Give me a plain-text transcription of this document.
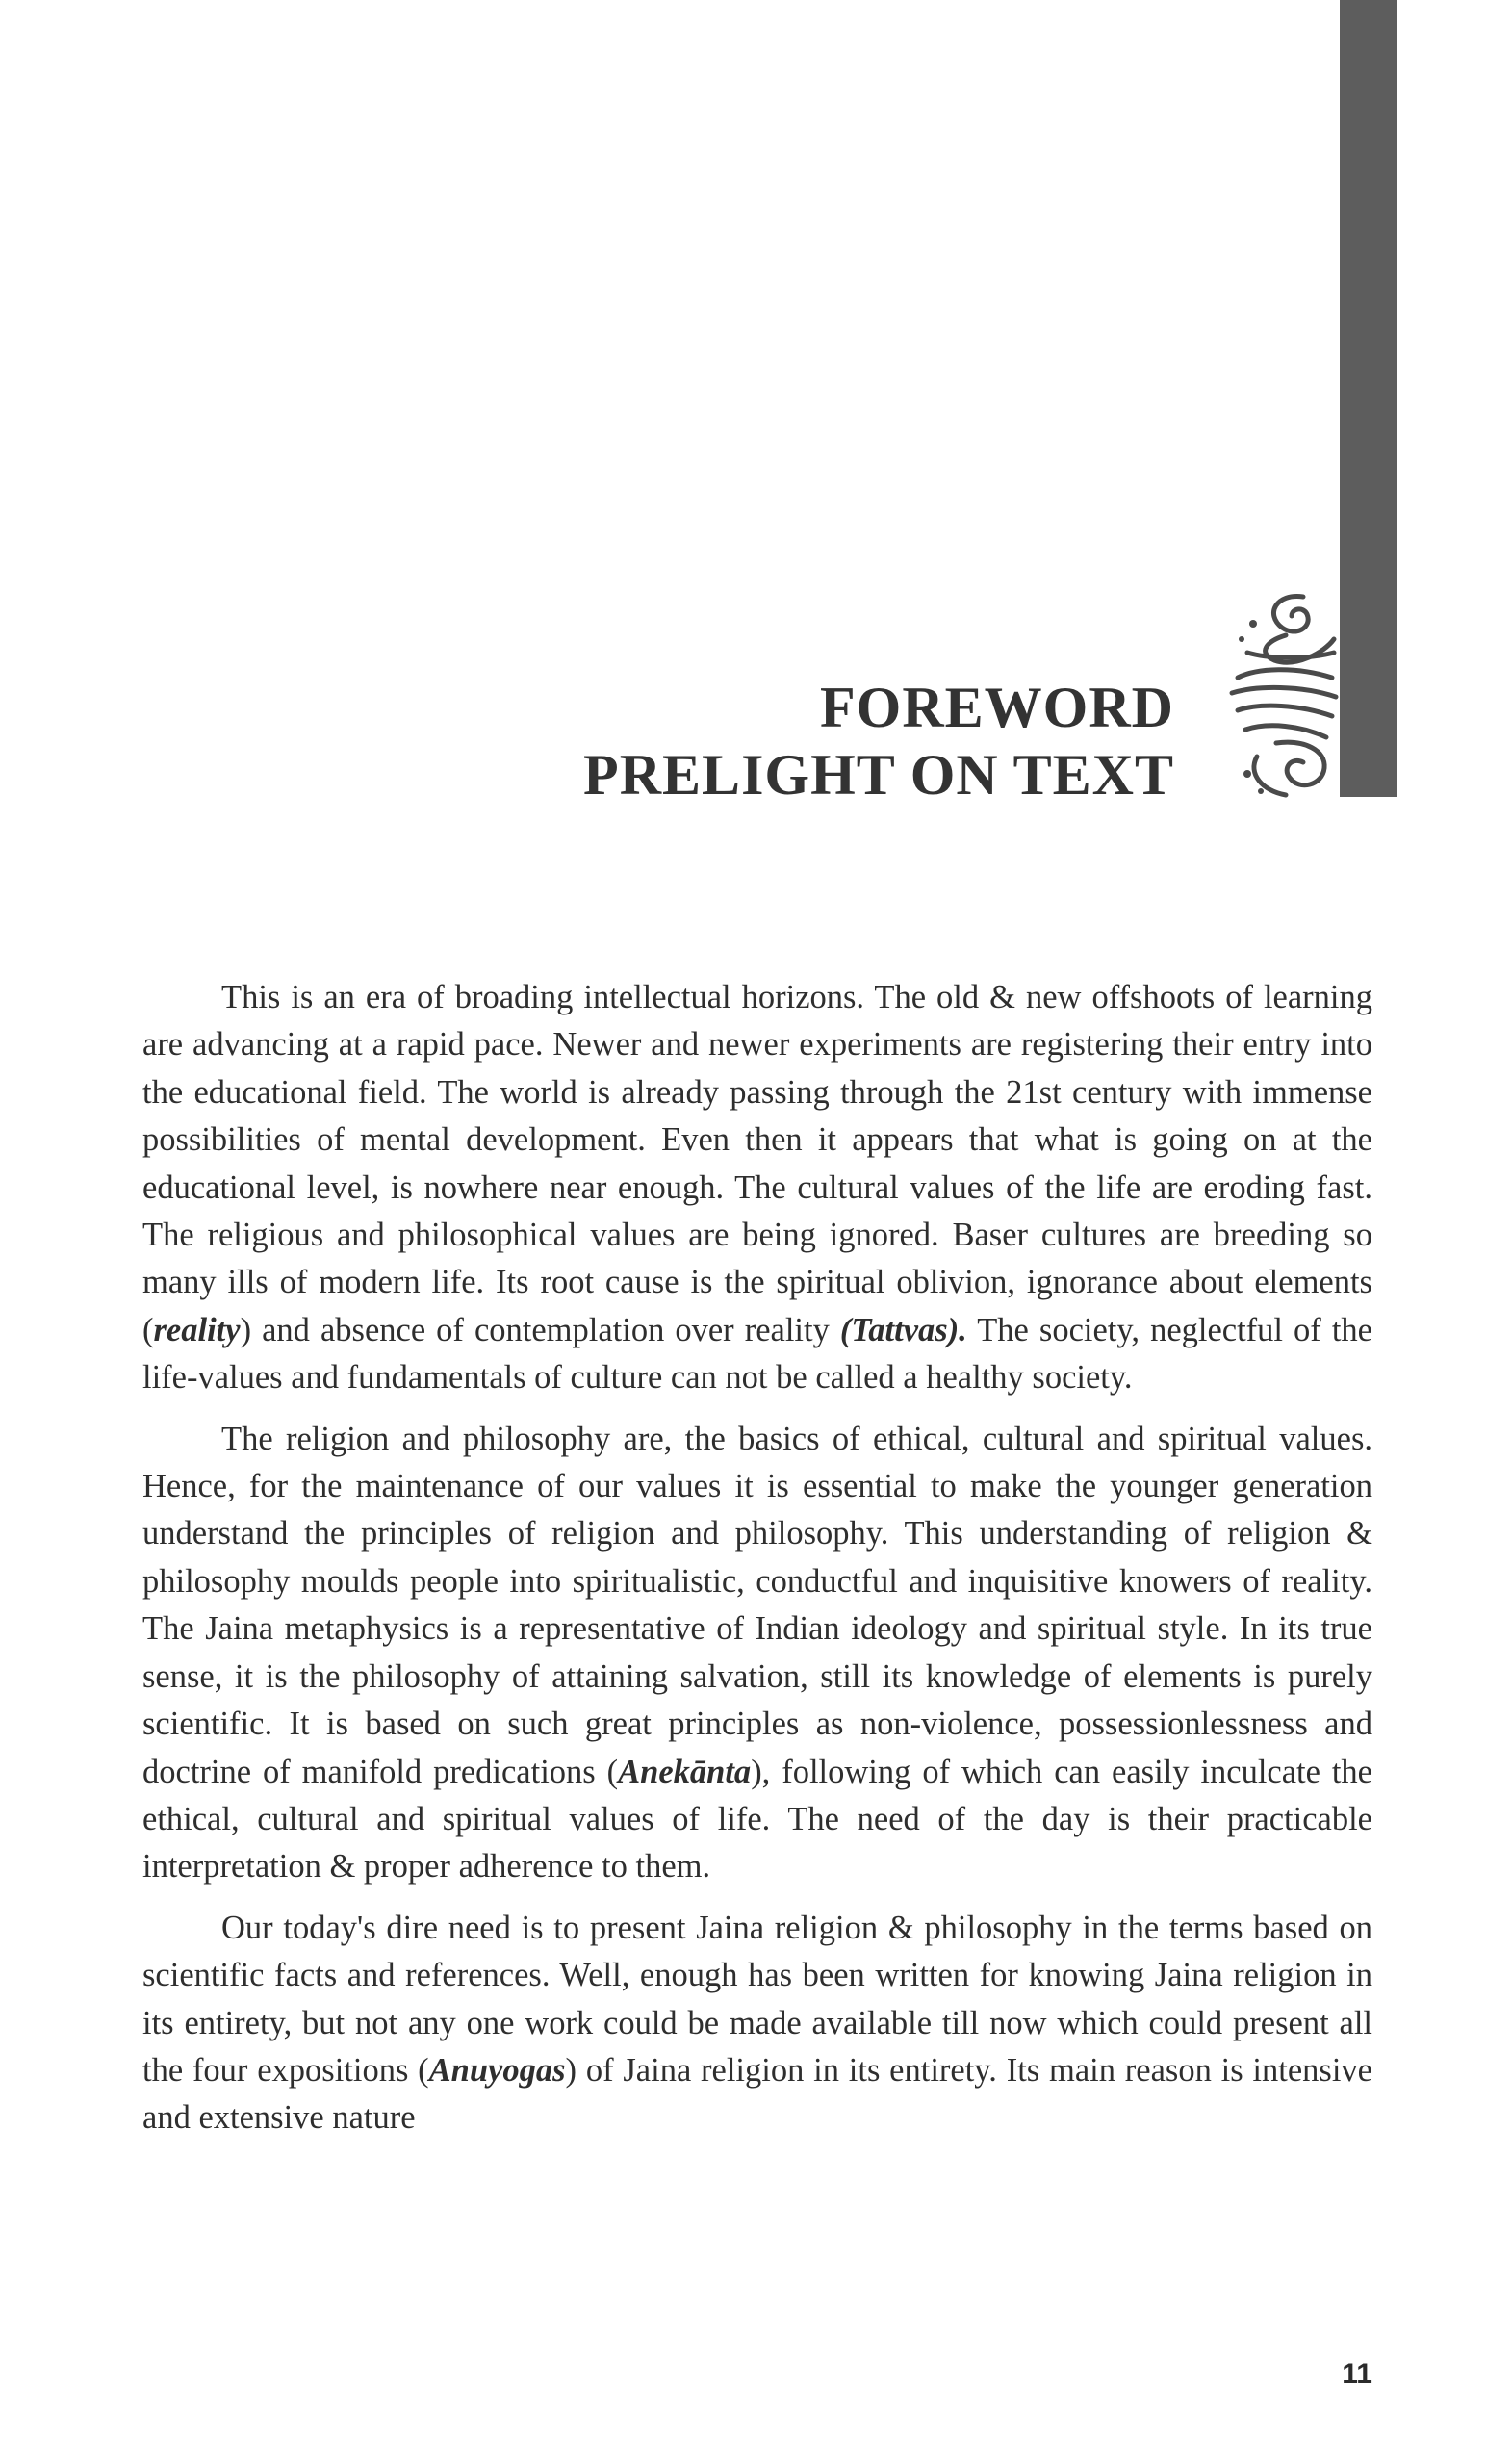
FOREWORD
PRELIGHT ON TEXT

This is an era of broading intellectual horizons. The old & new offshoots of learning are advancing at a rapid pace. Newer and newer experiments are registering their entry into the educational field. The world is already passing through the 21st century with immense possibilities of mental development. Even then it appears that what is going on at the educational level, is nowhere near enough. The cultural values of the life are eroding fast. The religious and philosophical values are being ignored. Baser cultures are breeding so many ills of modern life. Its root cause is the spiritual oblivion, ignorance about elements (reality) and absence of contemplation over reality (Tattvas). The society, neglectful of the life-values and fundamentals of culture can not be called a healthy society.

The religion and philosophy are, the basics of ethical, cultural and spiritual values. Hence, for the maintenance of our values it is essential to make the younger generation understand the principles of religion and philosophy. This understanding of religion & philosophy moulds people into spiritualistic, conductful and inquisitive knowers of reality. The Jaina metaphysics is a representative of Indian ideology and spiritual style. In its true sense, it is the philosophy of attaining salvation, still its knowledge of elements is purely scientific. It is based on such great principles as non-violence, possessionlessness and doctrine of manifold predications (Anekānta), following of which can easily inculcate the ethical, cultural and spiritual values of life. The need of the day is their practicable interpretation & proper adherence to them.

Our today's dire need is to present Jaina religion & philosophy in the terms based on scientific facts and references. Well, enough has been written for knowing Jaina religion in its entirety, but not any one work could be made available till now which could present all the four expositions (Anuyogas) of Jaina religion in its entirety. Its main reason is intensive and extensive nature

11
